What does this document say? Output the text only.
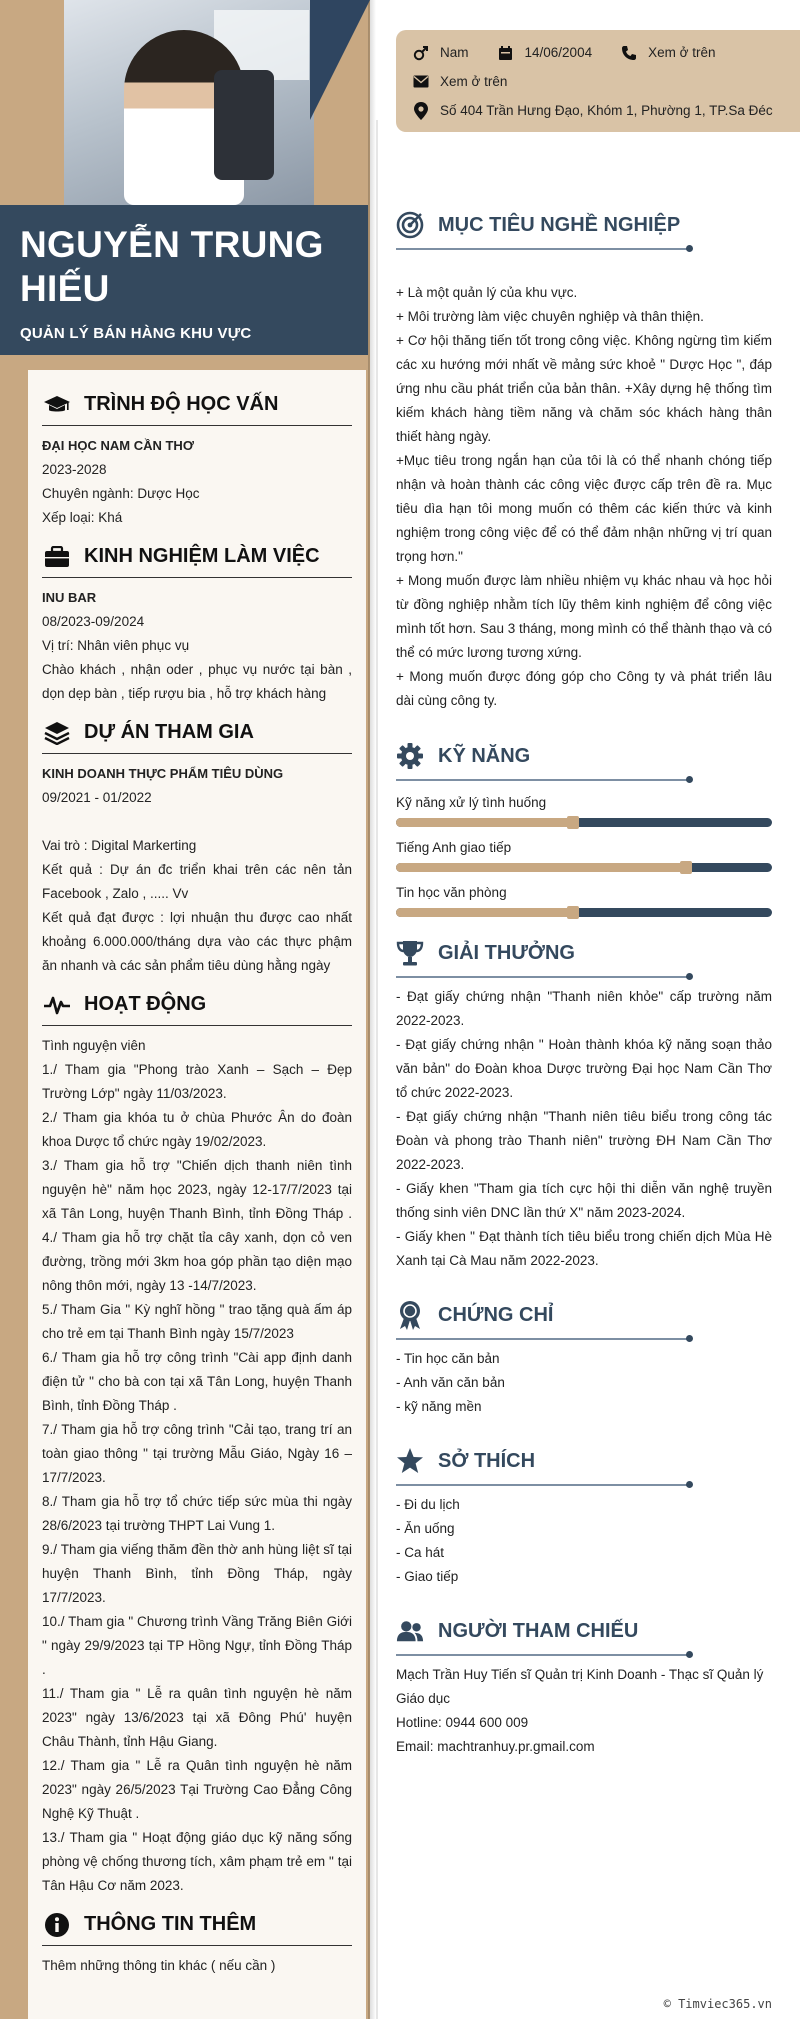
NGUYỄN TRUNG HIẾU
QUẢN LÝ BÁN HÀNG KHU VỰC
TRÌNH ĐỘ HỌC VẤN
ĐẠI HỌC NAM CẦN THƠ
2023-2028
Chuyên ngành: Dược Học
Xếp loại: Khá
KINH NGHIỆM LÀM VIỆC
INU BAR
08/2023-09/2024
Vị trí: Nhân viên phục vụ
Chào khách , nhận oder , phục vụ nước tại bàn , dọn dẹp bàn , tiếp rượu bia , hỗ trợ khách hàng
DỰ ÁN THAM GIA
KINH DOANH THỰC PHẨM TIÊU DÙNG
09/2021 - 01/2022
Vai trò : Digital Markerting
Kết quả : Dự án đc triển khai trên các nên tản Facebook , Zalo , ..... Vv
Kết quả đạt được : lợi nhuận thu được cao nhất khoảng 6.000.000/tháng dựa vào các thực phậm ăn nhanh và các sản phẩm tiêu dùng hằng ngày
HOẠT ĐỘNG
Tình nguyện viên
1./ Tham gia "Phong trào Xanh – Sạch – Đẹp Trường Lớp" ngày 11/03/2023.
2./ Tham gia khóa tu ở chùa Phước Ân do đoàn khoa Dược tổ chức ngày 19/02/2023.
3./ Tham gia hỗ trợ "Chiến dịch thanh niên tình nguyện hè" năm học 2023, ngày 12-17/7/2023 tại xã Tân Long, huyện Thanh Bình, tỉnh Đồng Tháp . 4./ Tham gia hỗ trợ chặt tỉa cây xanh, dọn cỏ ven đường, trồng mới 3km hoa góp phần tạo diện mạo nông thôn mới, ngày 13 -14/7/2023.
5./ Tham Gia " Kỳ nghĩ hồng " trao tặng quà ấm áp cho trẻ em tại Thanh Bình ngày 15/7/2023
6./ Tham gia hỗ trợ công trình "Cài app định danh điện tử " cho bà con tại xã Tân Long, huyện Thanh Bình, tỉnh Đồng Tháp .
7./ Tham gia hỗ trợ công trình "Cải tạo, trang trí an toàn giao thông " tại trường Mẫu Giáo, Ngày 16 – 17/7/2023.
8./ Tham gia hỗ trợ tổ chức tiếp sức mùa thi ngày 28/6/2023 tại trường THPT Lai Vung 1.
9./ Tham gia viếng thăm đền thờ anh hùng liệt sĩ tại huyện Thanh Bình, tỉnh Đồng Tháp, ngày 17/7/2023.
10./ Tham gia " Chương trình Vầng Trăng Biên Giới " ngày 29/9/2023 tại TP Hồng Ngự, tỉnh Đồng Tháp .
11./ Tham gia " Lễ ra quân tình nguyện hè năm 2023" ngày 13/6/2023 tại xã Đông Phú' huyện Châu Thành, tỉnh Hậu Giang.
12./ Tham gia " Lễ ra Quân tình nguyện hè năm 2023" ngày 26/5/2023 Tại Trường Cao Đẳng Công Nghệ Kỹ Thuật .
13./ Tham gia " Hoạt động giáo dục kỹ năng sống phòng vệ chống thương tích, xâm phạm trẻ em " tại Tân Hậu Cơ năm 2023.
THÔNG TIN THÊM
Thêm những thông tin khác ( nếu cần )
Nam	14/06/2004	Xem ở trên
Xem ở trên
Số 404 Trần Hưng Đạo, Khóm 1, Phường 1, TP.Sa Đéc
MỤC TIÊU NGHỀ NGHIỆP
+ Là một quản lý của khu vực.
+ Môi trường làm việc chuyên nghiệp và thân thiện.
+ Cơ hội thăng tiến tốt trong công việc. Không ngừng tìm kiếm các xu hướng mới nhất về mảng sức khoẻ " Dược Học ", đáp ứng nhu cầu phát triển của bản thân. +Xây dựng hệ thống tìm kiếm khách hàng tiềm năng và chăm sóc khách hàng thân thiết hàng ngày.
+Mục tiêu trong ngắn hạn của tôi là có thể nhanh chóng tiếp nhận và hoàn thành các công việc được cấp trên đề ra. Mục tiêu dìa hạn tôi mong muốn có thêm các kiến thức và kinh nghiệm trong công việc để có thể đảm nhận những vị trí quan trọng hơn."
+ Mong muốn được làm nhiều nhiệm vụ khác nhau và học hỏi từ đồng nghiệp nhằm tích lũy thêm kinh nghiệm để công việc mình tốt hơn. Sau 3 tháng, mong mình có thể thành thạo và có thể có mức lương tương xứng.
+ Mong muốn được đóng góp cho Công ty và phát triển lâu dài cùng công ty.
KỸ NĂNG
Kỹ năng xử lý tình huống
Tiếng Anh giao tiếp
Tin học văn phòng
GIẢI THƯỞNG
- Đạt giấy chứng nhận "Thanh niên khỏe" cấp trường năm 2022-2023.
- Đạt giấy chứng nhận " Hoàn thành khóa kỹ năng soạn thảo văn bản" do Đoàn khoa Dược trường Đại học Nam Cần Thơ tổ chức 2022-2023.
- Đạt giấy chứng nhận "Thanh niên tiêu biểu trong công tác Đoàn và phong trào Thanh niên" trường ĐH Nam Cần Thơ 2022-2023.
- Giấy khen "Tham gia tích cực hội thi diễn văn nghệ truyền thống sinh viên DNC lần thứ X" năm 2023-2024.
- Giấy khen " Đạt thành tích tiêu biểu trong chiến dịch Mùa Hè Xanh tại Cà Mau năm 2022-2023.
CHỨNG CHỈ
- Tin học căn bản
- Anh văn căn bản
- kỹ năng mền
SỞ THÍCH
- Đi du lịch
- Ăn uống
- Ca hát
- Giao tiếp
NGƯỜI THAM CHIẾU
Mạch Trần Huy Tiến sĩ Quản trị Kinh Doanh - Thạc sĩ Quản lý Giáo dục
Hotline: 0944 600 009
Email: machtranhuy.pr.gmail.com
© Timviec365.vn
